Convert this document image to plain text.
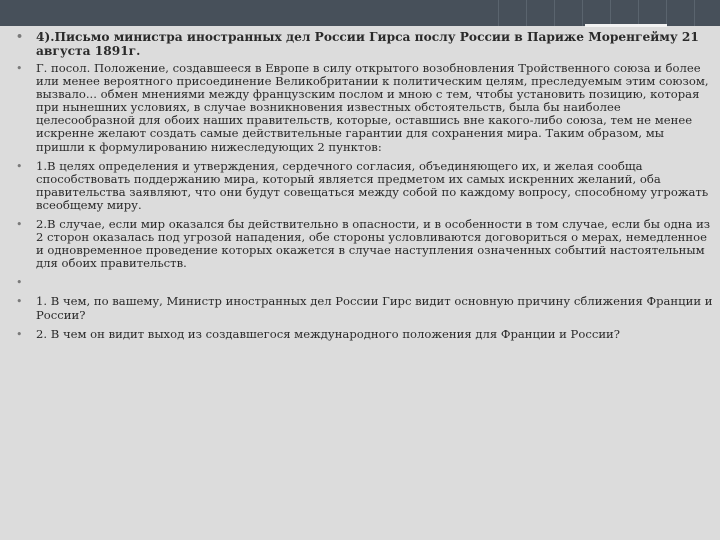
• 4).Письмо министра иностранных дел России Гирса послу России в Париже Моренгейму 21 августа 1891г.
• Г. посол. Положение, создавшееся в Европе в силу открытого возобновления Тройственного союза и более или менее вероятного присоединение Великобритании к политическим целям, преследуемым этим союзом, вызвало... обмен мнениями между французским послом и мною с тем, чтобы установить позицию, которая при нынешних условиях, в случае возникновения известных обстоятельств, была бы наиболее целесообразной для обоих наших правительств, которые, оставшись вне какого-либо союза, тем не менее искренне желают создать самые действительные гарантии для сохранения мира. Таким образом, мы пришли к формулированию нижеследующих 2 пунктов:
• 1.В целях определения и утверждения, сердечного согласия, объединяющего их, и желая сообща способствовать поддержанию мира, который является предметом их самых искренних желаний, оба правительства заявляют, что они будут совещаться между собой по каждому вопросу, способному угрожать всеобщему миру.
• 2.В случае, если мир оказался бы действительно в опасности, и в особенности в том случае, если бы одна из 2 сторон оказалась под угрозой нападения, обе стороны условливаются договориться о мерах, немедленное и одновременное проведение которых окажется в случае наступления означенных событий настоятельным для обоих правительств.
•
• 1. В чем, по вашему, Министр иностранных дел России Гирс видит основную причину сближения Франции и России?
• 2. В чем он видит выход из создавшегося международного положения для Франции и России?
